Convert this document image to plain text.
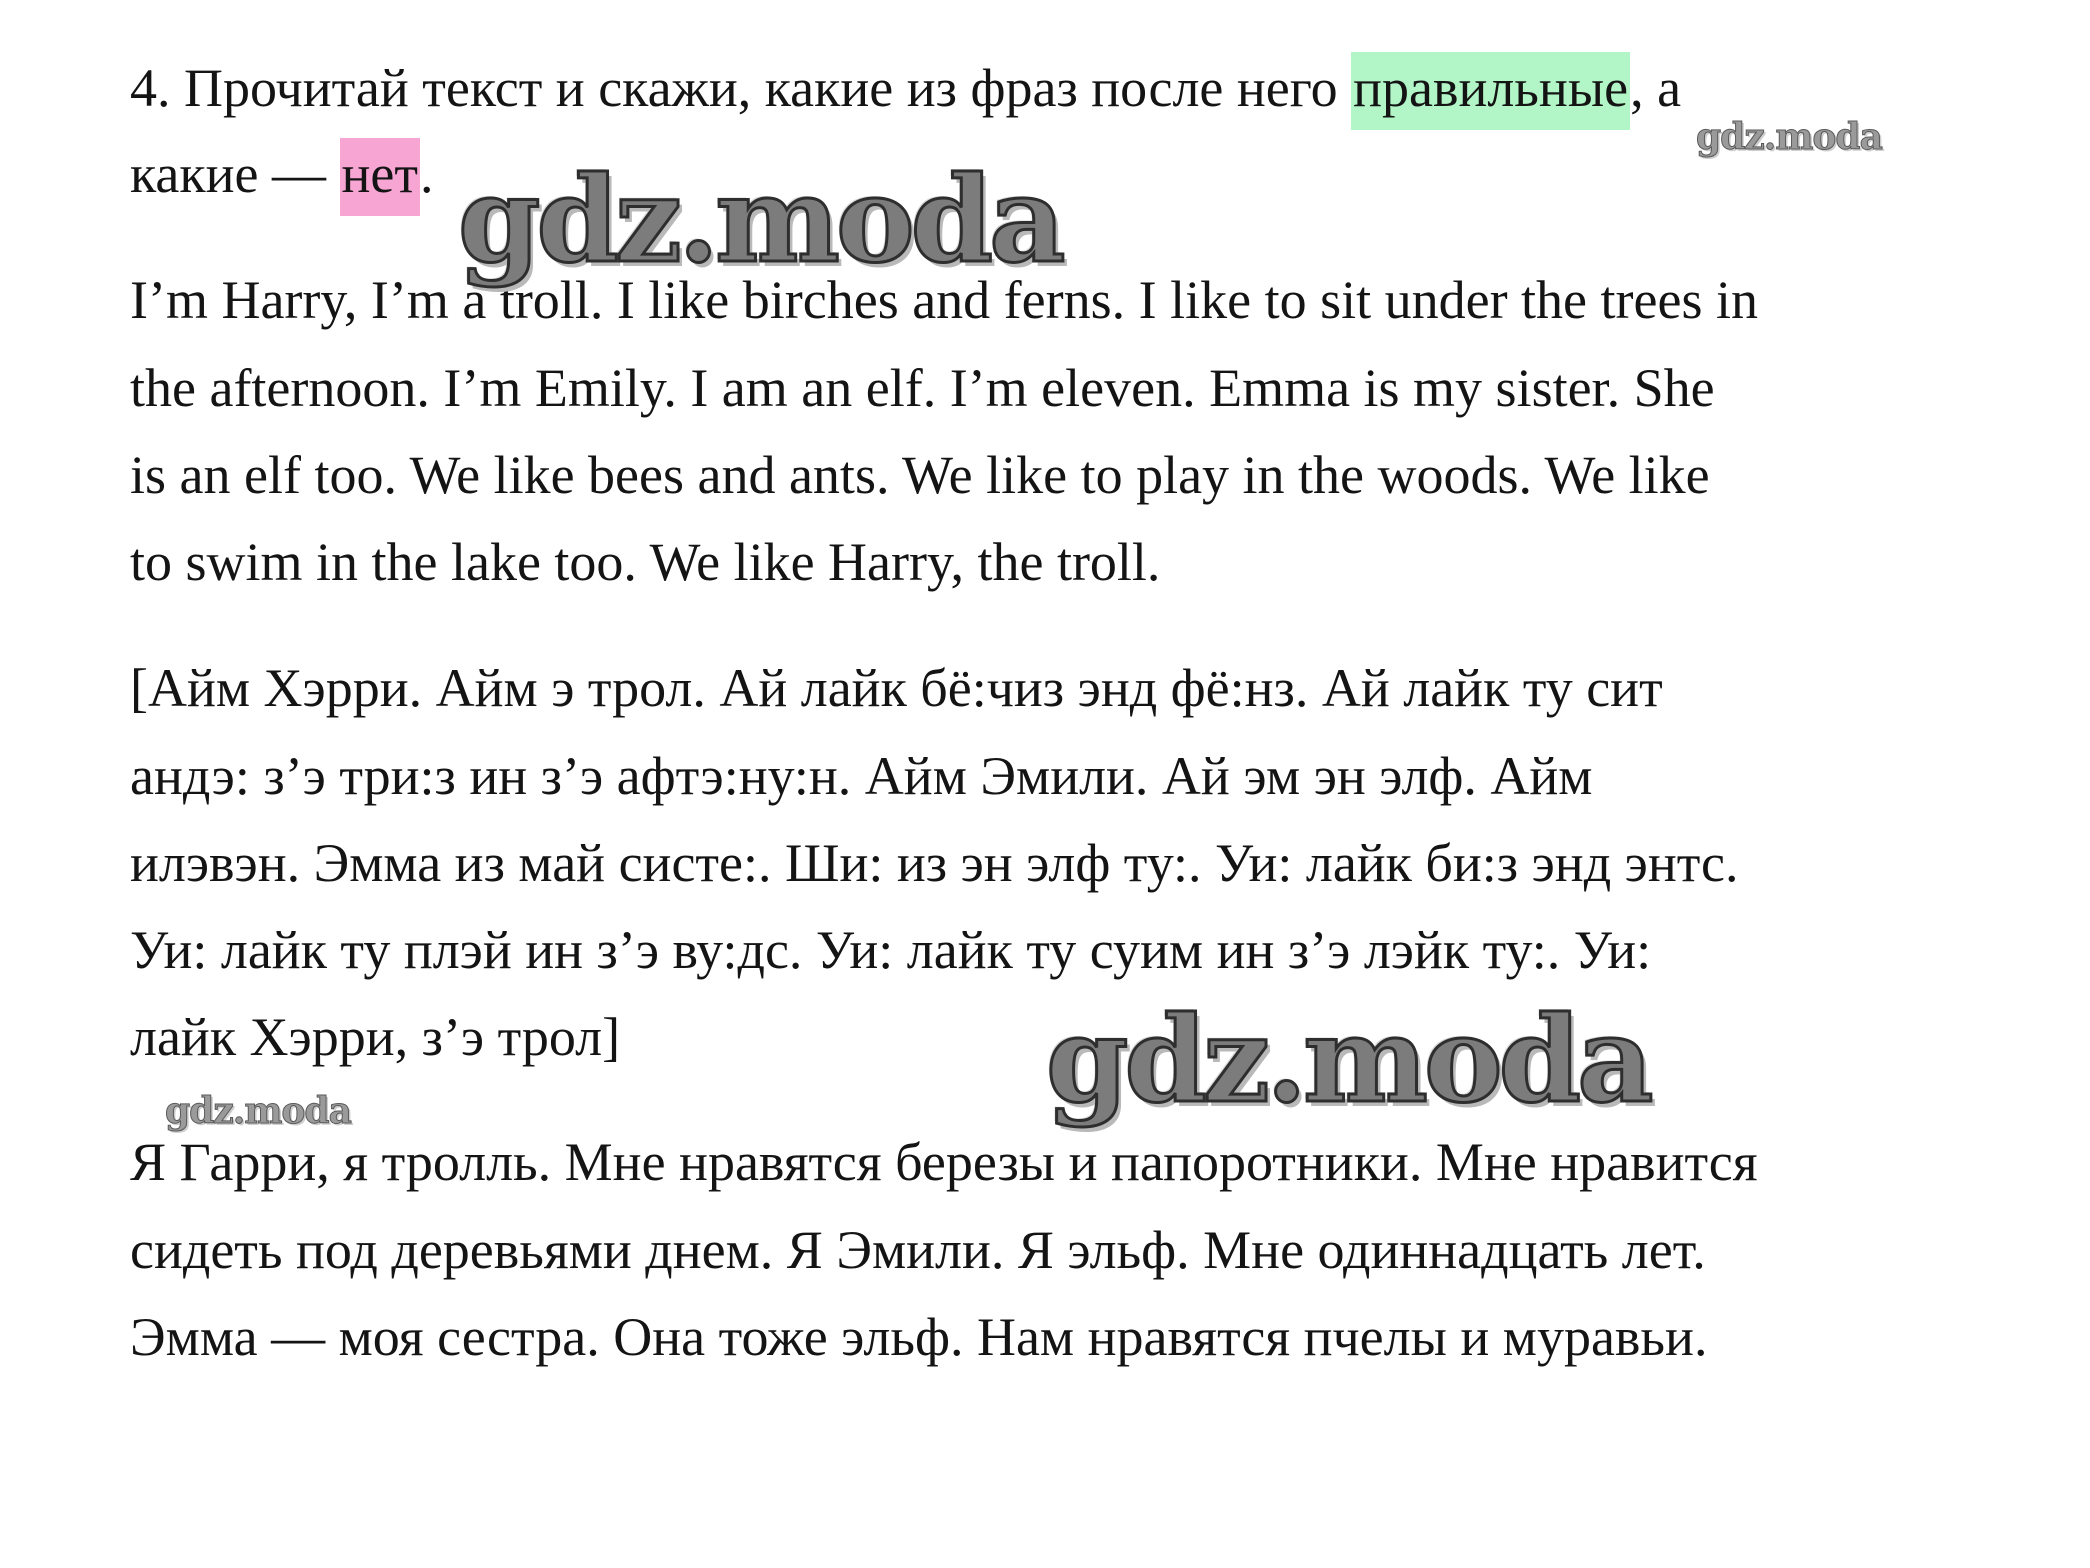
4. Прочитай текст и скажи, какие из фраз после него правильные, а
какие — нет.
I’m Harry, I’m a troll. I like birches and ferns. I like to sit under the trees in
the afternoon. I’m Emily. I am an elf. I’m eleven. Emma is my sister. She
is an elf too. We like bees and ants. We like to play in the woods. We like
to swim in the lake too. We like Harry, the troll.
[Айм Хэрри. Айм э трол. Ай лайк бё:чиз энд фё:нз. Ай лайк ту сит
андэ: з’э три:з ин з’э афтэ:ну:н. Айм Эмили. Ай эм эн элф. Айм
илэвэн. Эмма из май систе:. Ши: из эн элф ту:. Уи: лайк би:з энд энтс.
Уи: лайк ту плэй ин з’э ву:дс. Уи: лайк ту суим ин з’э лэйк ту:. Уи:
лайк Хэрри, з’э трол]
Я Гарри, я тролль. Мне нравятся березы и папоротники. Мне нравится
сидеть под деревьями днем. Я Эмили. Я эльф. Мне одиннадцать лет.
Эмма — моя сестра. Она тоже эльф. Нам нравятся пчелы и муравьи.
gdz.moda
gdz.moda
gdz.moda
gdz.moda
